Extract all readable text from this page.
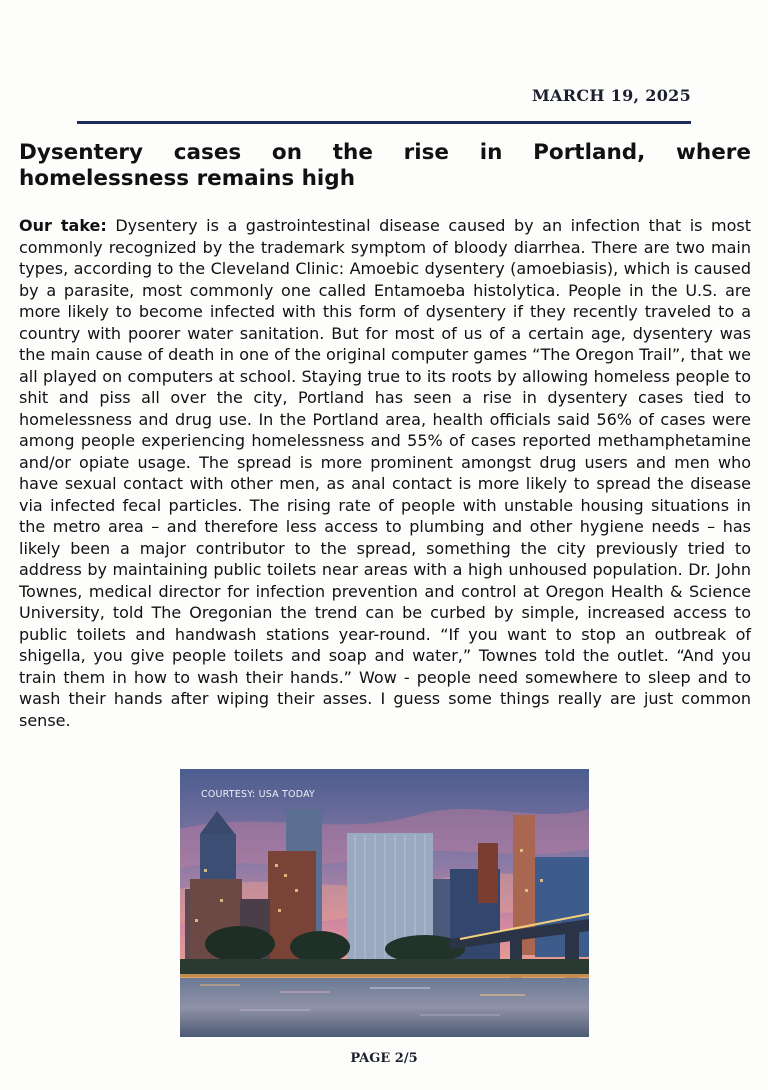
MARCH 19, 2025
Dysentery cases on the rise in Portland, where homelessness remains high

Our take: Dysentery is a gastrointestinal disease caused by an infection that is most commonly recognized by the trademark symptom of bloody diarrhea. There are two main types, according to the Cleveland Clinic: Amoebic dysentery (amoebiasis), which is caused by a parasite, most commonly one called Entamoeba histolytica. People in the U.S. are more likely to become infected with this form of dysentery if they recently traveled to a country with poorer water sanitation. But for most of us of a certain age, dysentery was the main cause of death in one of the original computer games “The Oregon Trail”, that we all played on computers at school. Staying true to its roots by allowing homeless people to shit and piss all over the city, Portland has seen a rise in dysentery cases tied to homelessness and drug use. In the Portland area, health officials said 56% of cases were among people experiencing homelessness and 55% of cases reported methamphetamine and/or opiate usage. The spread is more prominent amongst drug users and men who have sexual contact with other men, as anal contact is more likely to spread the disease via infected fecal particles. The rising rate of people with unstable housing situations in the metro area – and therefore less access to plumbing and other hygiene needs – has likely been a major contributor to the spread, something the city previously tried to address by maintaining public toilets near areas with a high unhoused population. Dr. John Townes, medical director for infection prevention and control at Oregon Health & Science University, told The Oregonian the trend can be curbed by simple, increased access to public toilets and handwash stations year-round. “If you want to stop an outbreak of shigella, you give people toilets and soap and water,” Townes told the outlet. “And you train them in how to wash their hands.” Wow - people need somewhere to sleep and to wash their hands after wiping their asses. I guess some things really are just common sense.

COURTESY: USA TODAY
PAGE 2/5
